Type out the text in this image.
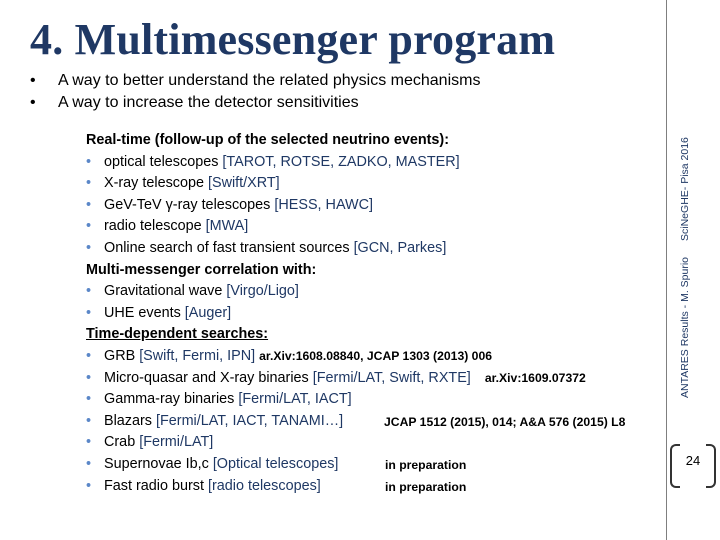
4. Multimessenger program
• A way to better understand the related physics mechanisms
• A way to increase the detector sensitivities
Real-time (follow-up of the selected neutrino events):
• optical telescopes [TAROT, ROTSE, ZADKO, MASTER]
• X-ray telescope [Swift/XRT]
• GeV-TeV γ-ray telescopes [HESS, HAWC]
• radio telescope [MWA]
• Online search of fast transient sources [GCN, Parkes]
Multi-messenger correlation with:
• Gravitational wave [Virgo/Ligo]
• UHE events [Auger]
Time-dependent searches:
• GRB [Swift, Fermi, IPN] ar.Xiv:1608.08840, JCAP 1303 (2013) 006
• Micro-quasar and X-ray binaries [Fermi/LAT, Swift, RXTE] ar.Xiv:1609.07372
• Gamma-ray binaries [Fermi/LAT, IACT]
• Blazars [Fermi/LAT, IACT, TANAMI…]	JCAP 1512 (2015), 014; A&A 576 (2015) L8
• Crab [Fermi/LAT]
• Supernovae Ib,c [Optical telescopes]	in preparation
• Fast radio burst [radio telescopes]	in preparation
ANTARES Results - M. SpurioSciNeGHE- Pisa 2016
24
